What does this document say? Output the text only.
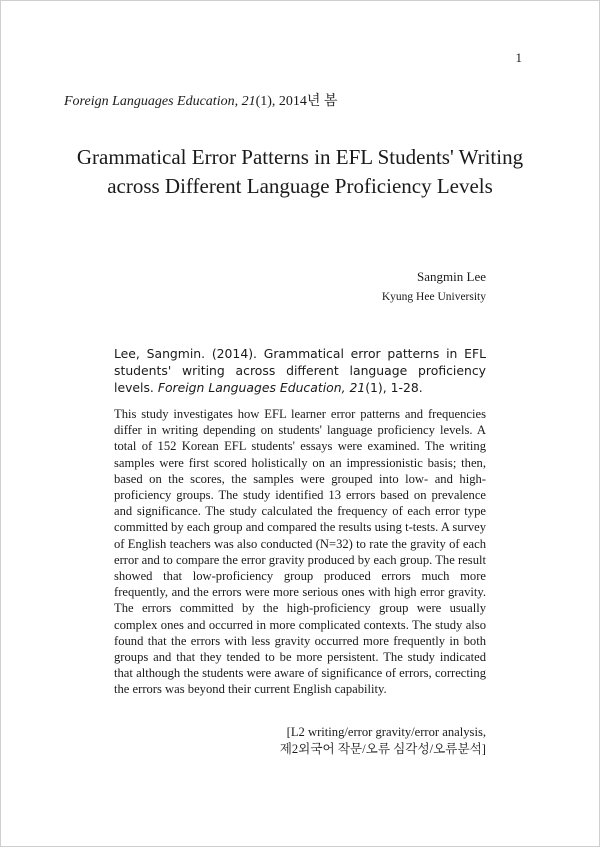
1
Foreign Languages Education, 21(1), 2014년 봄
Grammatical Error Patterns in EFL Students' Writing across Different Language Proficiency Levels
Sangmin Lee
Kyung Hee University
Lee, Sangmin. (2014). Grammatical error patterns in EFL students' writing across different language proficiency levels. Foreign Languages Education, 21(1), 1-28.

This study investigates how EFL learner error patterns and frequencies differ in writing depending on students' language proficiency levels. A total of 152 Korean EFL students' essays were examined. The writing samples were first scored holistically on an impressionistic basis; then, based on the scores, the samples were grouped into low- and high-proficiency groups. The study identified 13 errors based on prevalence and significance. The study calculated the frequency of each error type committed by each group and compared the results using t-tests. A survey of English teachers was also conducted (N=32) to rate the gravity of each error and to compare the error gravity produced by each group. The result showed that low-proficiency group produced errors much more frequently, and the errors were more serious ones with high error gravity. The errors committed by the high-proficiency group were usually complex ones and occurred in more complicated contexts. The study also found that the errors with less gravity occurred more frequently in both groups and that they tended to be more persistent. The study indicated that although the students were aware of significance of errors, correcting the errors was beyond their current English capability.

[L2 writing/error gravity/error analysis,
제2외국어 작문/오류 심각성/오류분석]
